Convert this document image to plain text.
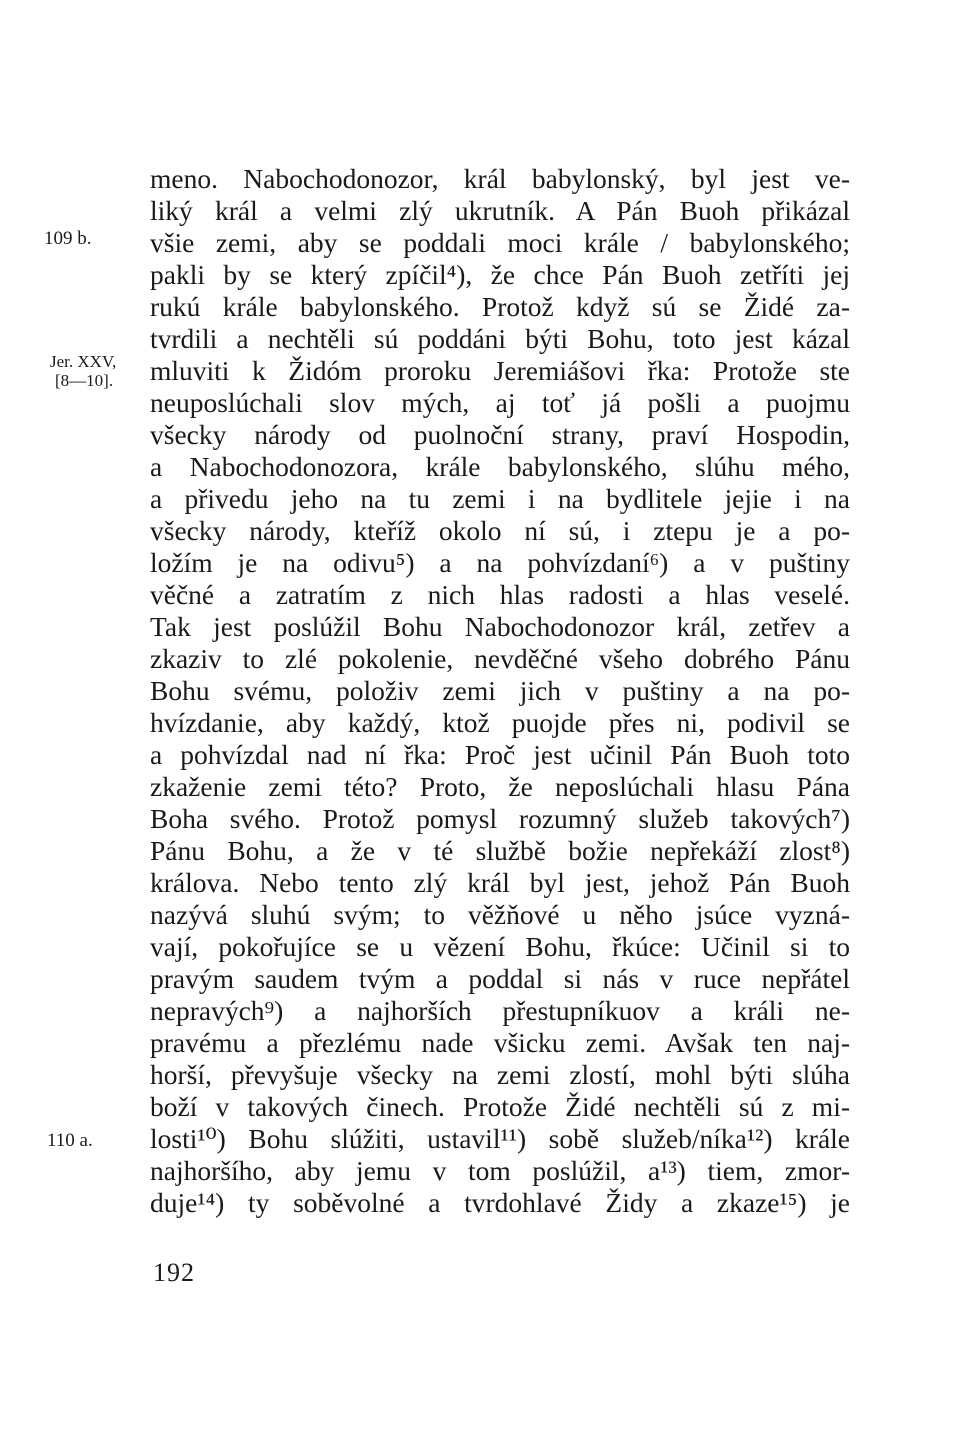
109 b.
Jer. XXV,
[8—10].
110 a.
meno. Nabochodonozor, král babylonský, byl jest ve-
liký král a velmi zlý ukrutník. A Pán Buoh přikázal
všie zemi, aby se poddali moci krále / babylonského;
pakli by se který zpíčil⁴), že chce Pán Buoh zetříti jej
rukú krále babylonského. Protož když sú se Židé za-
tvrdili a nechtěli sú poddáni býti Bohu, toto jest kázal
mluviti k Židóm proroku Jeremiášovi řka: Protože ste
neuposlúchali slov mých, aj toť já pošli a puojmu
všecky národy od puolnoční strany, praví Hospodin,
a Nabochodonozora, krále babylonského, slúhu mého,
a přivedu jeho na tu zemi i na bydlitele jejie i na
všecky národy, kteříž okolo ní sú, i ztepu je a po-
ložím je na odivu⁵) a na pohvízdaní⁶) a v puštiny
věčné a zatratím z nich hlas radosti a hlas veselé.
Tak jest poslúžil Bohu Nabochodonozor král, zetřev a
zkaziv to zlé pokolenie, nevděčné všeho dobrého Pánu
Bohu svému, položiv zemi jich v puštiny a na po-
hvízdanie, aby každý, ktož puojde přes ni, podivil se
a pohvízdal nad ní řka: Proč jest učinil Pán Buoh toto
zkaženie zemi této? Proto, že neposlúchali hlasu Pána
Boha svého. Protož pomysl rozumný služeb takových⁷)
Pánu Bohu, a že v té službě božie nepřekáží zlost⁸)
králova. Nebo tento zlý král byl jest, jehož Pán Buoh
nazývá sluhú svým; to věžňové u něho jsúce vyzná-
vají, pokořujíce se u vězení Bohu, řkúce: Učinil si to
pravým saudem tvým a poddal si nás v ruce nepřátel
nepravých⁹) a najhorších přestupníkuov a králi ne-
pravému a přezlému nade všicku zemi. Avšak ten naj-
horší, převyšuje všecky na zemi zlostí, mohl býti slúha
boží v takových činech. Protože Židé nechtěli sú z mi-
losti¹⁰) Bohu slúžiti, ustavil¹¹) sobě služeb/níka¹²) krále
najhoršího, aby jemu v tom poslúžil, a¹³) tiem, zmor-
duje¹⁴) ty soběvolné a tvrdohlavé Židy a zkaze¹⁵) je
192
